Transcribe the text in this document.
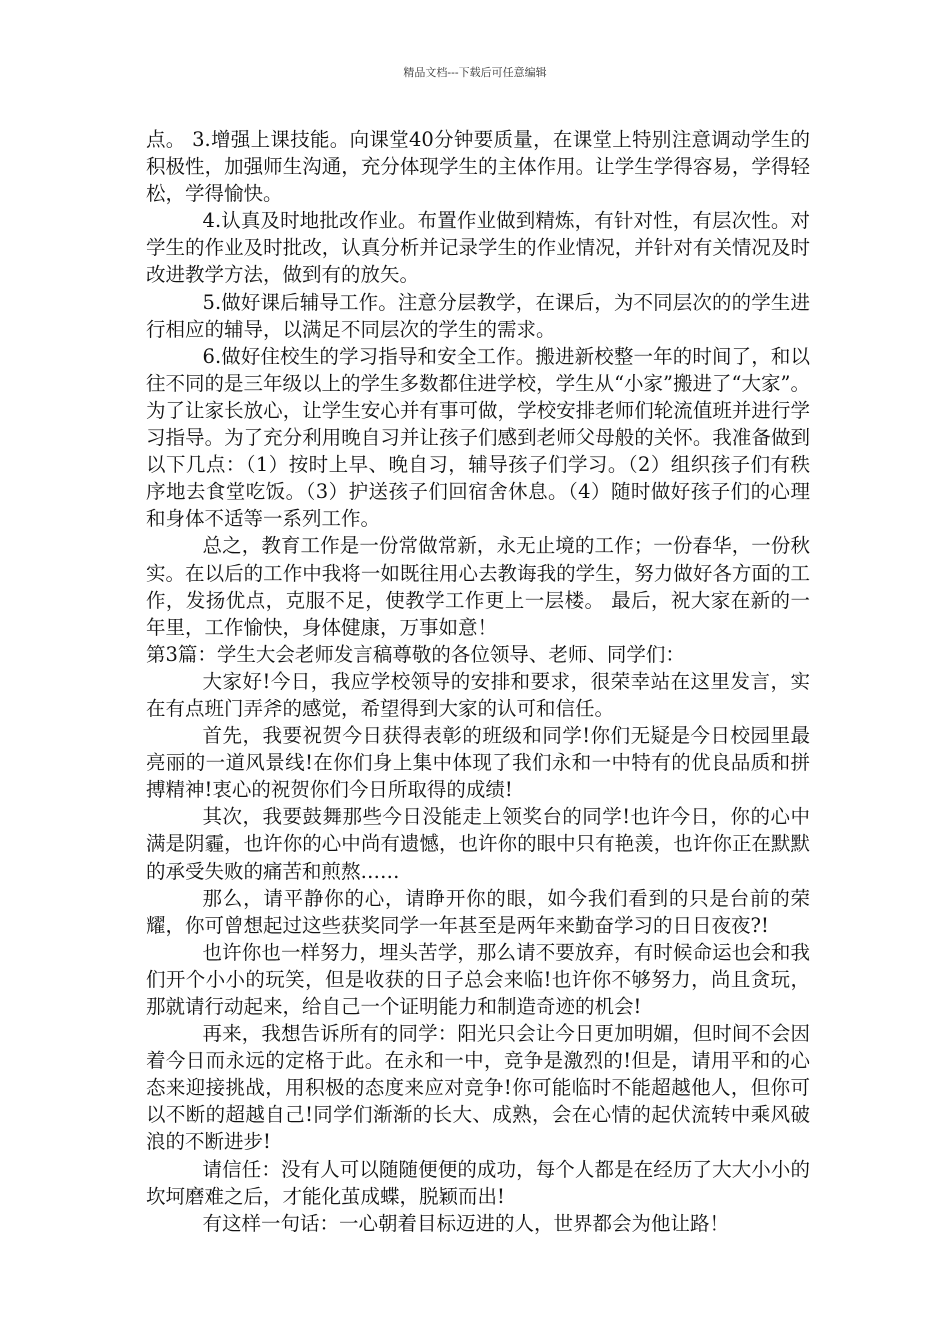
精品文档---下载后可任意编辑

点。 3.增强上课技能。向课堂40分钟要质量，在课堂上特别注意调动学生的积极性，加强师生沟通，充分体现学生的主体作用。让学生学得容易，学得轻松，学得愉快。

4.认真及时地批改作业。布置作业做到精炼，有针对性，有层次性。对学生的作业及时批改，认真分析并记录学生的作业情况，并针对有关情况及时改进教学方法，做到有的放矢。

5.做好课后辅导工作。注意分层教学，在课后，为不同层次的的学生进行相应的辅导，以满足不同层次的学生的需求。

6.做好住校生的学习指导和安全工作。搬进新校整一年的时间了，和以往不同的是三年级以上的学生多数都住进学校，学生从“小家”搬进了“大家”。为了让家长放心，让学生安心并有事可做，学校安排老师们轮流值班并进行学习指导。为了充分利用晚自习并让孩子们感到老师父母般的关怀。我准备做到以下几点：（1）按时上早、晚自习，辅导孩子们学习。（2）组织孩子们有秩序地去食堂吃饭。（3）护送孩子们回宿舍休息。（4）随时做好孩子们的心理和身体不适等一系列工作。

总之，教育工作是一份常做常新，永无止境的工作；一份春华，一份秋实。在以后的工作中我将一如既往用心去教诲我的学生，努力做好各方面的工作，发扬优点，克服不足，使教学工作更上一层楼。 最后，祝大家在新的一年里，工作愉快，身体健康，万事如意！

第3篇：学生大会老师发言稿尊敬的各位领导、老师、同学们：

大家好!今日，我应学校领导的安排和要求，很荣幸站在这里发言，实在有点班门弄斧的感觉，希望得到大家的认可和信任。

首先，我要祝贺今日获得表彰的班级和同学!你们无疑是今日校园里最亮丽的一道风景线!在你们身上集中体现了我们永和一中特有的优良品质和拼搏精神!衷心的祝贺你们今日所取得的成绩!

其次，我要鼓舞那些今日没能走上领奖台的同学!也许今日，你的心中满是阴霾，也许你的心中尚有遗憾，也许你的眼中只有艳羡，也许你正在默默的承受失败的痛苦和煎熬……

那么，请平静你的心，请睁开你的眼，如今我们看到的只是台前的荣耀，你可曾想起过这些获奖同学一年甚至是两年来勤奋学习的日日夜夜?!

也许你也一样努力，埋头苦学，那么请不要放弃，有时候命运也会和我们开个小小的玩笑，但是收获的日子总会来临!也许你不够努力，尚且贪玩，那就请行动起来，给自己一个证明能力和制造奇迹的机会!

再来，我想告诉所有的同学：阳光只会让今日更加明媚，但时间不会因着今日而永远的定格于此。在永和一中，竞争是激烈的!但是，请用平和的心态来迎接挑战，用积极的态度来应对竞争!你可能临时不能超越他人，但你可以不断的超越自己!同学们渐渐的长大、成熟，会在心情的起伏流转中乘风破浪的不断进步!

请信任：没有人可以随随便便的成功，每个人都是在经历了大大小小的坎坷磨难之后，才能化茧成蝶，脱颖而出!

有这样一句话：一心朝着目标迈进的人，世界都会为他让路！
